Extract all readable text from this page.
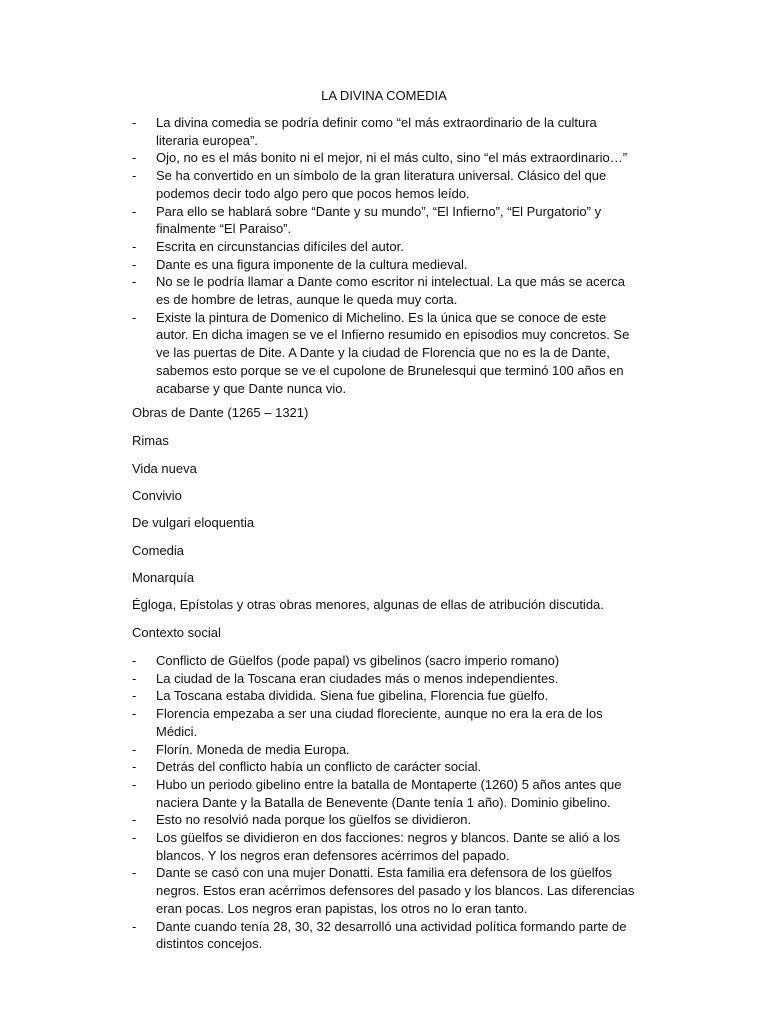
LA DIVINA COMEDIA
- La divina comedia se podría definir como “el más extraordinario de la cultura literaria europea”.
- Ojo, no es el más bonito ni el mejor, ni el más culto, sino “el más extraordinario…”
- Se ha convertido en un símbolo de la gran literatura universal. Clásico del que podemos decir todo algo pero que pocos hemos leído.
- Para ello se hablará sobre “Dante y su mundo”, “El Infierno”, “El Purgatorio” y finalmente “El Paraiso”.
- Escrita en circunstancias difíciles del autor.
- Dante es una figura imponente de la cultura medieval.
- No se le podría llamar a Dante como escritor ni intelectual. La que más se acerca es de hombre de letras, aunque le queda muy corta.
- Existe la pintura de Domenico di Michelino. Es la única que se conoce de este autor. En dicha imagen se ve el Infierno resumido en episodios muy concretos. Se ve las puertas de Dite. A Dante y la ciudad de Florencia que no es la de Dante, sabemos esto porque se ve el cupolone de Brunelesqui que terminó 100 años en acabarse y que Dante nunca vio.

Obras de Dante (1265 – 1321)

Rimas

Vida nueva

Convivio

De vulgari eloquentia

Comedia

Monarquía

Égloga, Epístolas y otras obras menores, algunas de ellas de atribución discutida.

Contexto social

- Conflicto de Güelfos (pode papal) vs gibelinos (sacro imperio romano)
- La ciudad de la Toscana eran ciudades más o menos independientes.
- La Toscana estaba dividida. Siena fue gibelina, Florencia fue güelfo.
- Florencia empezaba a ser una ciudad floreciente, aunque no era la era de los Médici.
- Florín. Moneda de media Europa.
- Detrás del conflicto había un conflicto de carácter social.
- Hubo un periodo gibelino entre la batalla de Montaperte (1260) 5 años antes que naciera Dante y la Batalla de Benevente (Dante tenía 1 año). Dominio gibelino.
- Esto no resolvió nada porque los güelfos se dividieron.
- Los güelfos se dividieron en dos facciones: negros y blancos. Dante se alió a los blancos. Y los negros eran defensores acérrimos del papado.
- Dante se casó con una mujer Donatti. Esta familia era defensora de los güelfos negros. Estos eran acérrimos defensores del pasado y los blancos. Las diferencias eran pocas. Los negros eran papistas, los otros no lo eran tanto.
- Dante cuando tenía 28, 30, 32 desarrolló una actividad política formando parte de distintos concejos.
